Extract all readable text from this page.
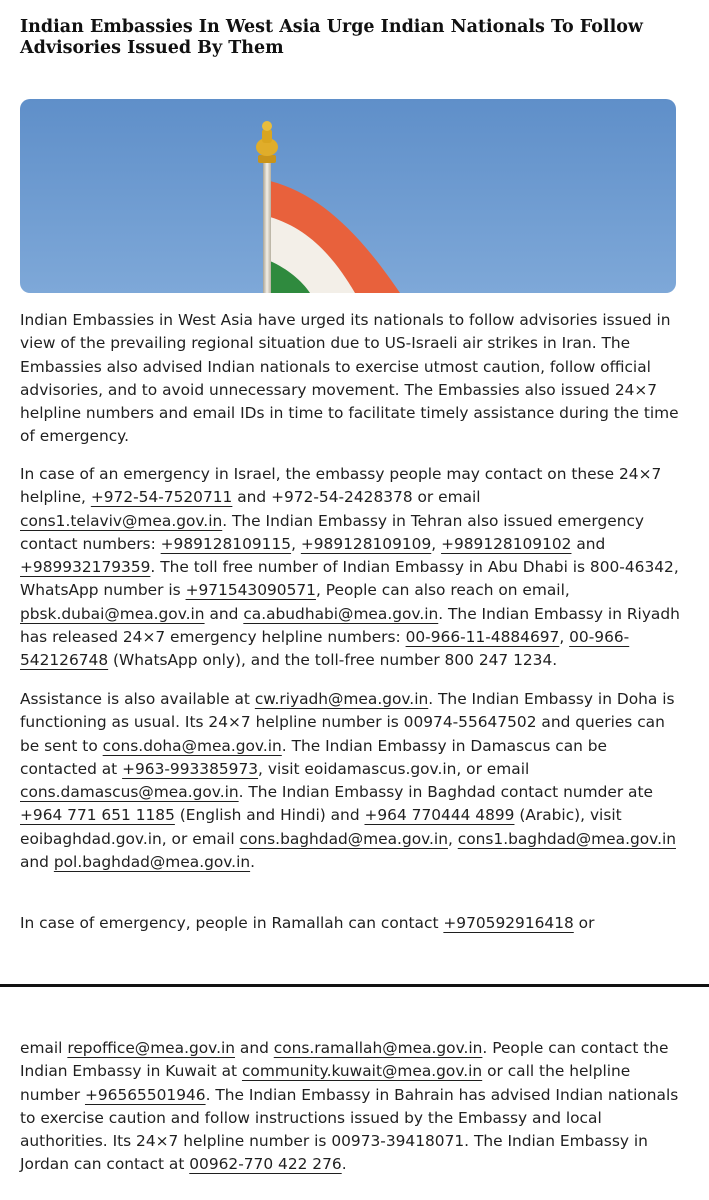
Indian Embassies In West Asia Urge Indian Nationals To Follow Advisories Issued By Them

Indian Embassies in West Asia have urged its nationals to follow advisories issued in view of the prevailing regional situation due to US-Israeli air strikes in Iran. The Embassies also advised Indian nationals to exercise utmost caution, follow official advisories, and to avoid unnecessary movement. The Embassies also issued 24×7 helpline numbers and email IDs in time to facilitate timely assistance during the time of emergency.

In case of an emergency in Israel, the embassy people may contact on these 24×7 helpline, +972-54-7520711 and +972-54-2428378 or email cons1.telaviv@mea.gov.in. The Indian Embassy in Tehran also issued emergency contact numbers: +989128109115, +989128109109, +989128109102 and +989932179359. The toll free number of Indian Embassy in Abu Dhabi is 800-46342, WhatsApp number is +971543090571, People can also reach on email, pbsk.dubai@mea.gov.in and ca.abudhabi@mea.gov.in. The Indian Embassy in Riyadh has released 24×7 emergency helpline numbers: 00-966-11-4884697, 00-966-542126748 (WhatsApp only), and the toll-free number 800 247 1234.

Assistance is also available at cw.riyadh@mea.gov.in. The Indian Embassy in Doha is functioning as usual. Its 24×7 helpline number is 00974-55647502 and queries can be sent to cons.doha@mea.gov.in. The Indian Embassy in Damascus can be contacted at +963-993385973, visit eoidamascus.gov.in, or email cons.damascus@mea.gov.in. The Indian Embassy in Baghdad contact numder ate +964 771 651 1185 (English and Hindi) and +964 770444 4899 (Arabic), visit eoibaghdad.gov.in, or email cons.baghdad@mea.gov.in, cons1.baghdad@mea.gov.in and pol.baghdad@mea.gov.in.

In case of emergency, people in Ramallah can contact +970592916418 or

email repoffice@mea.gov.in and cons.ramallah@mea.gov.in. People can contact the Indian Embassy in Kuwait at community.kuwait@mea.gov.in or call the helpline number +96565501946. The Indian Embassy in Bahrain has advised Indian nationals to exercise caution and follow instructions issued by the Embassy and local authorities. Its 24×7 helpline number is 00973-39418071. The Indian Embassy in Jordan can contact at 00962-770 422 276.
